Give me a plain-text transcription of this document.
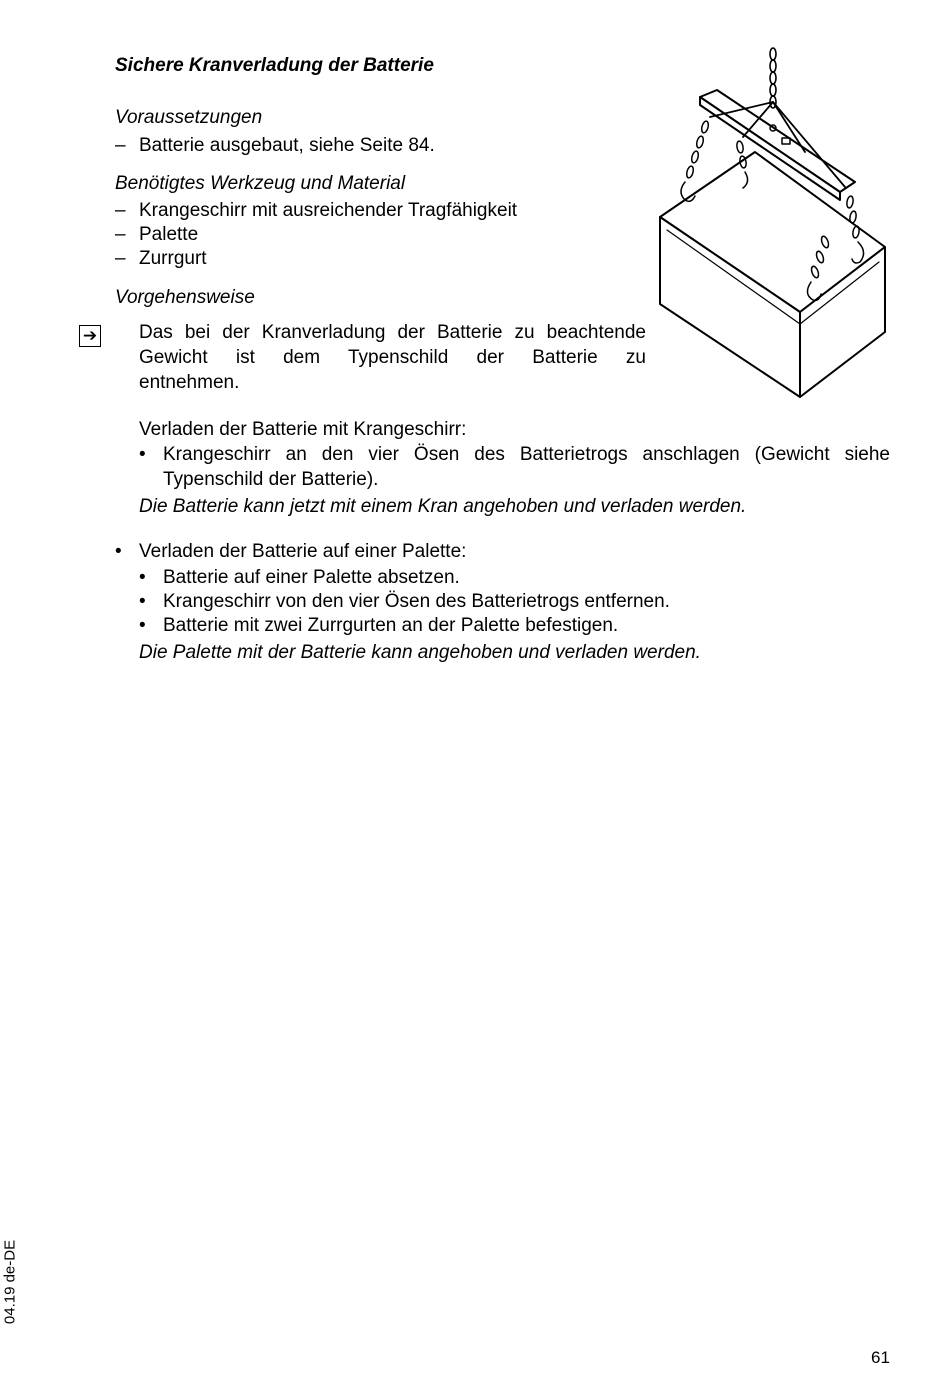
Sichere Kranverladung der Batterie
Voraussetzungen
– Batterie ausgebaut, siehe Seite 84.
Benötigtes Werkzeug und Material
– Krangeschirr mit ausreichender Tragfähigkeit
– Palette
– Zurrgurt
Vorgehensweise
➔ Das bei der Kranverladung der Batterie zu beachtende
Gewicht ist dem Typenschild der Batterie zu
entnehmen.
Verladen der Batterie mit Krangeschirr:
• Krangeschirr an den vier Ösen des Batterietrogs anschlagen (Gewicht siehe
Typenschild der Batterie).
Die Batterie kann jetzt mit einem Kran angehoben und verladen werden.
• Verladen der Batterie auf einer Palette:
• Batterie auf einer Palette absetzen.
• Krangeschirr von den vier Ösen des Batterietrogs entfernen.
• Batterie mit zwei Zurrgurten an der Palette befestigen.
Die Palette mit der Batterie kann angehoben und verladen werden.
04.19 de-DE
61
